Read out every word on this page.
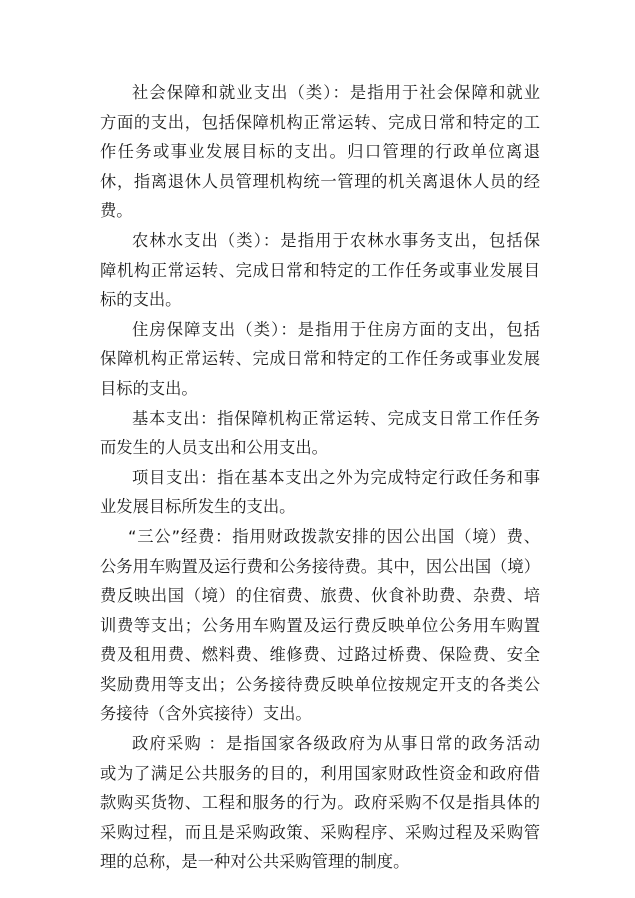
社会保障和就业支出（类）：是指用于社会保障和就业
方面的支出，包括保障机构正常运转、完成日常和特定的工
作任务或事业发展目标的支出。归口管理的行政单位离退
休，指离退休人员管理机构统一管理的机关离退休人员的经
费。
农林水支出（类）：是指用于农林水事务支出，包括保
障机构正常运转、完成日常和特定的工作任务或事业发展目
标的支出。
住房保障支出（类）：是指用于住房方面的支出，包括
保障机构正常运转、完成日常和特定的工作任务或事业发展
目标的支出。
基本支出：指保障机构正常运转、完成支日常工作任务
而发生的人员支出和公用支出。
项目支出：指在基本支出之外为完成特定行政任务和事
业发展目标所发生的支出。
“三公”经费：指用财政拨款安排的因公出国（境）费、
公务用车购置及运行费和公务接待费。其中，因公出国（境）
费反映出国（境）的住宿费、旅费、伙食补助费、杂费、培
训费等支出；公务用车购置及运行费反映单位公务用车购置
费及租用费、燃料费、维修费、过路过桥费、保险费、安全
奖励费用等支出；公务接待费反映单位按规定开支的各类公
务接待（含外宾接待）支出。
政府采购 ：是指国家各级政府为从事日常的政务活动
或为了满足公共服务的目的，利用国家财政性资金和政府借
款购买货物、工程和服务的行为。政府采购不仅是指具体的
采购过程，而且是采购政策、采购程序、采购过程及采购管
理的总称，是一种对公共采购管理的制度。
